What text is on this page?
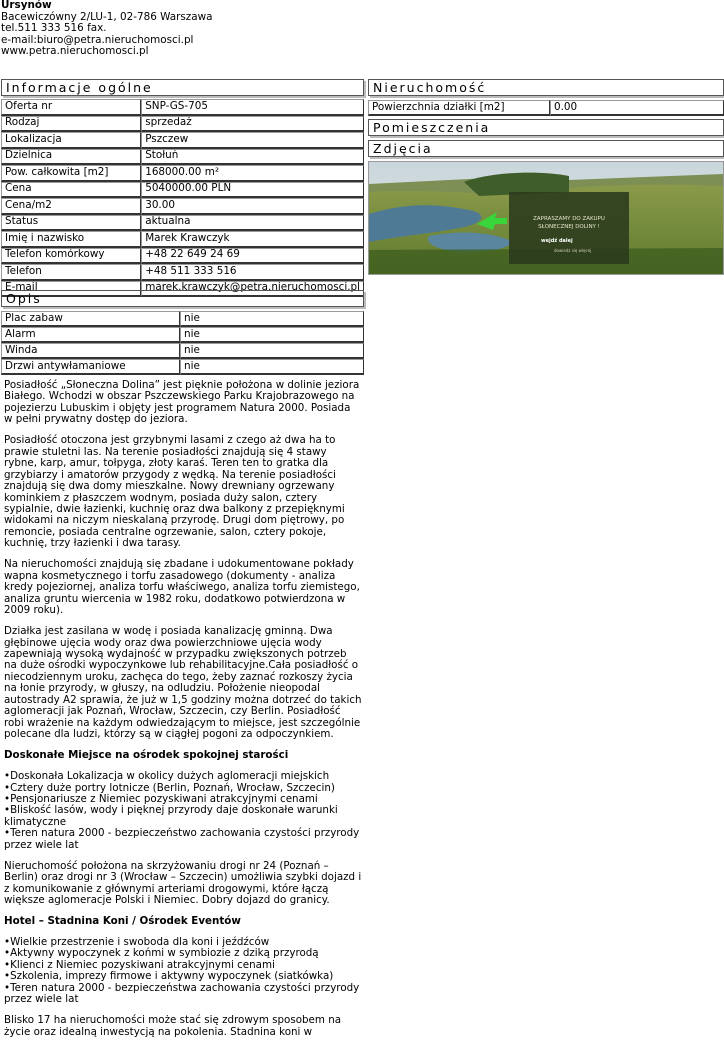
Ursynów
Bacewiczówny 2/LU-1, 02-786 Warszawa
tel.511 333 516 fax.
e-mail:biuro@petra.nieruchomosci.pl
www.petra.nieruchomosci.pl
Informacje ogólne
Oferta nr	SNP-GS-705
Rodzaj	sprzedaż
Lokalizacja	Pszczew
Dzielnica	Stołuń
Pow. całkowita [m2]	168000.00 m²
Cena	5040000.00 PLN
Cena/m2	30.00
Status	aktualna
Imię i nazwisko	Marek Krawczyk
Telefon komórkowy	+48 22 649 24 69
Telefon	+48 511 333 516
E-mail	marek.krawczyk@petra.nieruchomosci.pl
Opis
Plac zabaw	nie
Alarm	nie
Winda	nie
Drzwi antywłamaniowe	nie

Posiadłość „Słoneczna Dolina” jest pięknie położona w dolinie jeziora Białego. Wchodzi w obszar Pszczewskiego Parku Krajobrazowego na pojezierzu Lubuskim i objęty jest programem Natura 2000. Posiada w pełni prywatny dostęp do jeziora.

Posiadłość otoczona jest grzybnymi lasami z czego aż dwa ha to prawie stuletni las. Na terenie posiadłości znajdują się 4 stawy rybne, karp, amur, tołpyga, złoty karaś. Teren ten to gratka dla grzybiarzy i amatorów przygody z wędką. Na terenie posiadłości znajdują się dwa domy mieszkalne. Nowy drewniany ogrzewany kominkiem z płaszczem wodnym, posiada duży salon, cztery sypialnie, dwie łazienki, kuchnię oraz dwa balkony z przepięknymi widokami na niczym nieskalaną przyrodę. Drugi dom piętrowy, po remoncie, posiada centralne ogrzewanie, salon, cztery pokoje, kuchnię, trzy łazienki i dwa tarasy.

Na nieruchomości znajdują się zbadane i udokumentowane pokłady wapna kosmetycznego i torfu zasadowego (dokumenty - analiza kredy pojeziornej, analiza torfu właściwego, analiza torfu ziemistego, analiza gruntu wiercenia w 1982 roku, dodatkowo potwierdzona w 2009 roku).

Działka jest zasilana w wodę i posiada kanalizację gminną. Dwa głębinowe ujęcia wody oraz dwa powierzchniowe ujęcia wody zapewniają wysoką wydajność w przypadku zwiększonych potrzeb na duże ośrodki wypoczynkowe lub rehabilitacyjne.Cała posiadłość o niecodziennym uroku, zachęca do tego, żeby zaznać rozkoszy życia na łonie przyrody, w głuszy, na odludziu. Położenie nieopodal autostrady A2 sprawia, że już w 1,5 godziny można dotrzeć do takich aglomeracji jak Poznań, Wrocław, Szczecin, czy Berlin. Posiadłość robi wrażenie na każdym odwiedzającym to miejsce, jest szczególnie polecane dla ludzi, którzy są w ciągłej pogoni za odpoczynkiem.

Doskonałe Miejsce na ośrodek spokojnej starości

• Doskonała Lokalizacja w okolicy dużych aglomeracji miejskich
• Cztery duże portry lotnicze (Berlin, Poznań, Wrocław, Szczecin)
• Pensjonariusze z Niemiec pozyskiwani atrakcyjnymi cenami
• Bliskość lasów, wody i pięknej przyrody daje doskonałe warunki klimatyczne
• Teren natura 2000 - bezpieczeństwo zachowania czystości przyrody przez wiele lat

Nieruchomość położona na skrzyżowaniu drogi nr 24 (Poznań – Berlin) oraz drogi nr 3 (Wrocław – Szczecin) umożliwia szybki dojazd i z komunikowanie z głównymi arteriami drogowymi, które łączą większe aglomeracje Polski i Niemiec. Dobry dojazd do granicy.

Hotel – Stadnina Koni / Ośrodek Eventów

• Wielkie przestrzenie i swoboda dla koni i jeźdźców
• Aktywny wypoczynek z końmi w symbiozie z dziką przyrodą
• Klienci z Niemiec pozyskiwani atrakcyjnymi cenami
• Szkolenia, imprezy firmowe i aktywny wypoczynek (siatkówka)
• Teren natura 2000 - bezpieczeństwa zachowania czystości przyrody przez wiele lat

Blisko 17 ha nieruchomości może stać się zdrowym sposobem na życie oraz idealną inwestycją na pokolenia. Stadnina koni w

Nieruchomość
Powierzchnia działki [m2]	0.00
Pomieszczenia
Zdjęcia
ZAPRASZAMY DO ZAKUPU
SŁONECZNEJ DOLINY !
wejdź dalej
dowiedz się więcej
